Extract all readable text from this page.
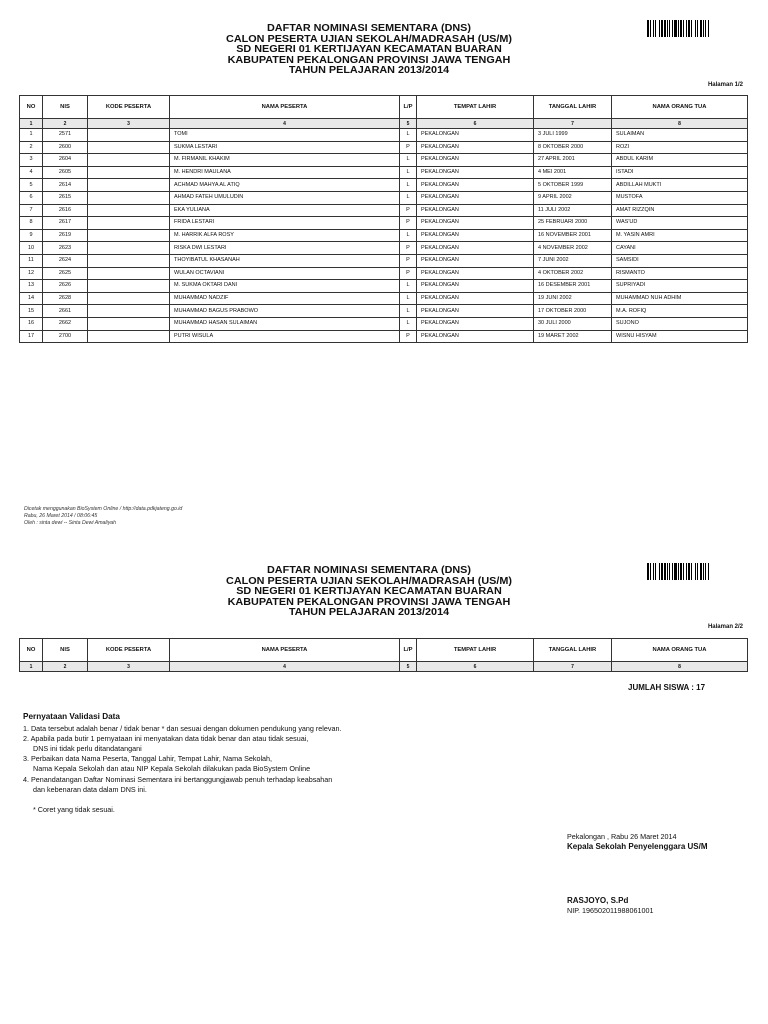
DAFTAR NOMINASI SEMENTARA (DNS)
CALON PESERTA UJIAN SEKOLAH/MADRASAH (US/M)
SD NEGERI 01 KERTIJAYAN KECAMATAN BUARAN
KABUPATEN PEKALONGAN PROVINSI JAWA TENGAH
TAHUN PELAJARAN 2013/2014
Halaman 1/2
NO	NIS	KODE PESERTA	NAMA PESERTA	L/P	TEMPAT LAHIR	TANGGAL LAHIR	NAMA ORANG TUA
1	2	3	4	5	6	7	8
1	2571		TOMI	L	PEKALONGAN	3 JULI 1999	SULAIMAN
2	2600		SUKMA LESTARI	P	PEKALONGAN	8 OKTOBER 2000	ROZI
3	2604		M. FIRMANIL KHAKIM	L	PEKALONGAN	27 APRIL 2001	ABDUL KARIM
4	2605		M. HENDRI MAULANA	L	PEKALONGAN	4 MEI 2001	ISTADI
5	2614		ACHMAD MAHYA AL ATIQ	L	PEKALONGAN	5 OKTOBER 1999	ABDILLAH MUKTI
6	2615		AHMAD FATEH UMULUDIN	L	PEKALONGAN	9 APRIL 2002	MUSTOFA
7	2616		EKA YULIANA	P	PEKALONGAN	11 JULI 2002	AMAT RIZZQIN
8	2617		FRIDA LESTARI	P	PEKALONGAN	25 FEBRUARI 2000	WAS'UD
9	2619		M. HARRIK ALFA ROSY	L	PEKALONGAN	16 NOVEMBER 2001	M. YASIN AMRI
10	2623		RISKA DWI LESTARI	P	PEKALONGAN	4 NOVEMBER 2002	CAYANI
11	2624		THOYIBATUL KHASANAH	P	PEKALONGAN	7 JUNI 2002	SAMSIDI
12	2625		WULAN OCTAVIANI	P	PEKALONGAN	4 OKTOBER 2002	RISMANTO
13	2626		M. SUKMA OKTARI DANI	L	PEKALONGAN	16 DESEMBER 2001	SUPRIYADI
14	2628		MUHAMMAD NADZIF	L	PEKALONGAN	19 JUNI 2002	MUHAMMAD NUH ADHIM
15	2661		MUHAMMAD BAGUS PRABOWO	L	PEKALONGAN	17 OKTOBER 2000	M.A. ROFIQ
16	2662		MUHAMMAD HASAN SULAIMAN	L	PEKALONGAN	30 JULI 2000	SUJONO
17	2700		PUTRI WISULA	P	PEKALONGAN	19 MARET 2002	WISNU HISYAM
Dicetak menggunakan BioSystem Online / http://data.pdkjateng.go.id
Rabu, 26 Maret 2014 / 08:06:45
Oleh : sinta dewi -- Sinta Dewi Amaliyah
DAFTAR NOMINASI SEMENTARA (DNS)
CALON PESERTA UJIAN SEKOLAH/MADRASAH (US/M)
SD NEGERI 01 KERTIJAYAN KECAMATAN BUARAN
KABUPATEN PEKALONGAN PROVINSI JAWA TENGAH
TAHUN PELAJARAN 2013/2014
Halaman 2/2
NO	NIS	KODE PESERTA	NAMA PESERTA	L/P	TEMPAT LAHIR	TANGGAL LAHIR	NAMA ORANG TUA
1	2	3	4	5	6	7	8
JUMLAH SISWA : 17
Pernyataan Validasi Data
1. Data tersebut adalah benar / tidak benar * dan sesuai dengan dokumen pendukung yang relevan.
2. Apabila pada butir 1 pernyataan ini menyatakan data tidak benar dan atau tidak sesuai,
DNS ini tidak perlu ditandatangani
3. Perbaikan data Nama Peserta, Tanggal Lahir, Tempat Lahir, Nama Sekolah,
Nama Kepala Sekolah dan atau NIP Kepala Sekolah dilakukan pada BioSystem Online
4. Penandatangan Daftar Nominasi Sementara ini bertanggungjawab penuh terhadap keabsahan
dan kebenaran data dalam DNS ini.
* Coret yang tidak sesuai.
Pekalongan , Rabu 26 Maret 2014
Kepala Sekolah Penyelenggara US/M
RASJOYO, S.Pd
NIP. 196502011988061001
